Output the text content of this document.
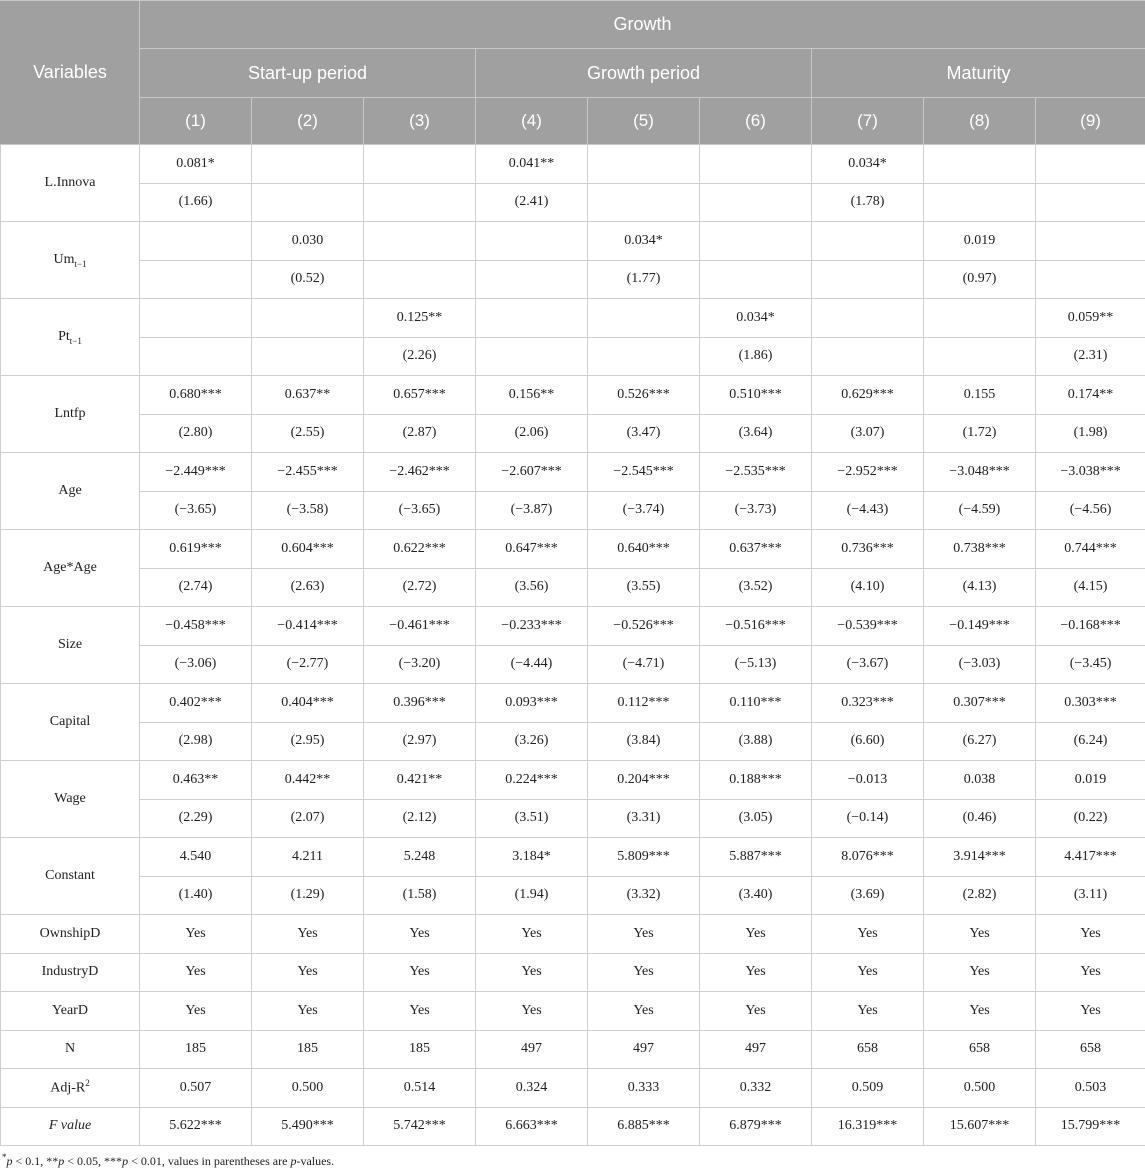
Variables	Growth								
	Start-up period			Growth period			Maturity		
	(1)	(2)	(3)	(4)	(5)	(6)	(7)	(8)	(9)
L.Innova	0.081*			0.041**			0.034*		
	(1.66)			(2.41)			(1.78)		
$Um_{t-1}$		0.030			0.034*			0.019	
		(0.52)			(1.77)			(0.97)	
$Pt_{t-1}$			0.125**			0.034*			0.059**
			(2.26)			(1.86)			(2.31)
Lntfp	0.680***	0.637**	0.657***	0.156**	0.526***	0.510***	0.629***	0.155	0.174**
	(2.80)	(2.55)	(2.87)	(2.06)	(3.47)	(3.64)	(3.07)	(1.72)	(1.98)
Age	−2.449***	−2.455***	−2.462***	−2.607***	−2.545***	−2.535***	−2.952***	−3.048***	−3.038***
	(−3.65)	(−3.58)	(−3.65)	(−3.87)	(−3.74)	(−3.73)	(−4.43)	(−4.59)	(−4.56)
Age*Age	0.619***	0.604***	0.622***	0.647***	0.640***	0.637***	0.736***	0.738***	0.744***
	(2.74)	(2.63)	(2.72)	(3.56)	(3.55)	(3.52)	(4.10)	(4.13)	(4.15)
Size	−0.458***	−0.414***	−0.461***	−0.233***	−0.526***	−0.516***	−0.539***	−0.149***	−0.168***
	(−3.06)	(−2.77)	(−3.20)	(−4.44)	(−4.71)	(−5.13)	(−3.67)	(−3.03)	(−3.45)
Capital	0.402***	0.404***	0.396***	0.093***	0.112***	0.110***	0.323***	0.307***	0.303***
	(2.98)	(2.95)	(2.97)	(3.26)	(3.84)	(3.88)	(6.60)	(6.27)	(6.24)
Wage	0.463**	0.442**	0.421**	0.224***	0.204***	0.188***	−0.013	0.038	0.019
	(2.29)	(2.07)	(2.12)	(3.51)	(3.31)	(3.05)	(−0.14)	(0.46)	(0.22)
Constant	4.540	4.211	5.248	3.184*	5.809***	5.887***	8.076***	3.914***	4.417***
	(1.40)	(1.29)	(1.58)	(1.94)	(3.32)	(3.40)	(3.69)	(2.82)	(3.11)
OwnshipD	Yes	Yes	Yes	Yes	Yes	Yes	Yes	Yes	Yes
IndustryD	Yes	Yes	Yes	Yes	Yes	Yes	Yes	Yes	Yes
YearD	Yes	Yes	Yes	Yes	Yes	Yes	Yes	Yes	Yes
N	185	185	185	497	497	497	658	658	658
Adj-$R^2$	0.507	0.500	0.514	0.324	0.333	0.332	0.509	0.500	0.503
F value	5.622***	5.490***	5.742***	6.663***	6.885***	6.879***	16.319***	15.607***	15.799***
*p < 0.1, **p < 0.05, ***p < 0.01, values in parentheses are p-values.
